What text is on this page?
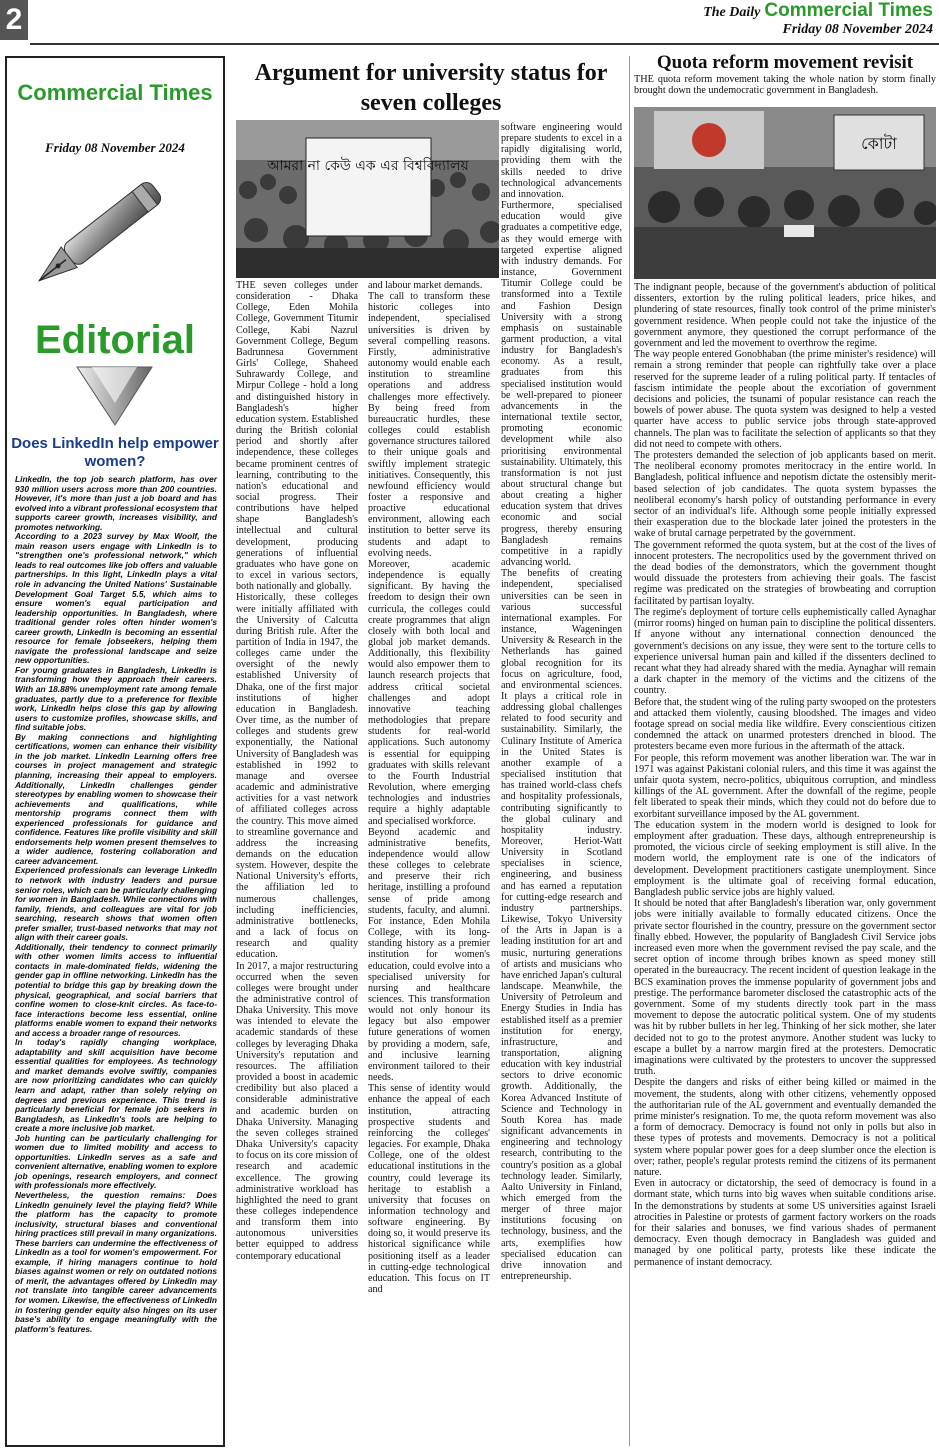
2	The Daily Commercial Times
Friday 08 November 2024
Commercial Times
Friday 08 November 2024
Editorial
Does LinkedIn help empower women?

LinkedIn, the top job search platform, has over 930 million users across more than 200 countries. However, it's more than just a job board and has evolved into a vibrant professional ecosystem that supports career growth, increases visibility, and promotes networking.

According to a 2023 survey by Max Woolf, the main reason users engage with LinkedIn is to "strengthen one's professional network," which leads to real outcomes like job offers and valuable partnerships. In this light, LinkedIn plays a vital role in advancing the United Nations' Sustainable Development Goal Target 5.5, which aims to ensure women's equal participation and leadership opportunities. In Bangladesh, where traditional gender roles often hinder women's career growth, LinkedIn is becoming an essential resource for female jobseekers, helping them navigate the professional landscape and seize new opportunities.

For young graduates in Bangladesh, LinkedIn is transforming how they approach their careers. With an 18.88% unemployment rate among female graduates, partly due to a preference for flexible work, LinkedIn helps close this gap by allowing users to customize profiles, showcase skills, and find suitable jobs.

By making connections and highlighting certifications, women can enhance their visibility in the job market. LinkedIn Learning offers free courses in project management and strategic planning, increasing their appeal to employers. Additionally, LinkedIn challenges gender stereotypes by enabling women to showcase their achievements and qualifications, while mentorship programs connect them with experienced professionals for guidance and confidence. Features like profile visibility and skill endorsements help women present themselves to a wider audience, fostering collaboration and career advancement.

Experienced professionals can leverage LinkedIn to network with industry leaders and pursue senior roles, which can be particularly challenging for women in Bangladesh. While connections with family, friends, and colleagues are vital for job searching, research shows that women often prefer smaller, trust-based networks that may not align with their career goals.

Additionally, their tendency to connect primarily with other women limits access to influential contacts in male-dominated fields, widening the gender gap in offline networking. LinkedIn has the potential to bridge this gap by breaking down the physical, geographical, and social barriers that confine women to close-knit circles. As face-to-face interactions become less essential, online platforms enable women to expand their networks and access a broader range of resources.

In today's rapidly changing workplace, adaptability and skill acquisition have become essential qualities for employees. As technology and market demands evolve swiftly, companies are now prioritizing candidates who can quickly learn and adapt, rather than solely relying on degrees and previous experience. This trend is particularly beneficial for female job seekers in Bangladesh, as LinkedIn's tools are helping to create a more inclusive job market.

Job hunting can be particularly challenging for women due to limited mobility and access to opportunities. LinkedIn serves as a safe and convenient alternative, enabling women to explore job openings, research employers, and connect with professionals more effectively.

Nevertheless, the question remains: Does LinkedIn genuinely level the playing field? While the platform has the capacity to promote inclusivity, structural biases and conventional hiring practices still prevail in many organizations. These barriers can undermine the effectiveness of LinkedIn as a tool for women's empowerment. For example, if hiring managers continue to hold biases against women or rely on outdated notions of merit, the advantages offered by LinkedIn may not translate into tangible career advancements for women. Likewise, the effectiveness of LinkedIn in fostering gender equity also hinges on its user base's ability to engage meaningfully with the platform's features.

Argument for university status for seven colleges
আমরা না কেউ এক এর বিশ্ববিদ্যালয়

THE seven colleges under consideration - Dhaka College, Eden Mohila College, Government Titumir College, Kabi Nazrul Government College, Begum Badrunnesa Government Girls' College, Shaheed Suhrawardy College, and Mirpur College - hold a long and distinguished history in Bangladesh's higher education system. Established during the British colonial period and shortly after independence, these colleges became prominent centres of learning, contributing to the nation's educational and social progress. Their contributions have helped shape Bangladesh's intellectual and cultural development, producing generations of influential graduates who have gone on to excel in various sectors, both nationally and globally.

Historically, these colleges were initially affiliated with the University of Calcutta during British rule. After the partition of India in 1947, the colleges came under the oversight of the newly established University of Dhaka, one of the first major institutions of higher education in Bangladesh. Over time, as the number of colleges and students grew exponentially, the National University of Bangladesh was established in 1992 to manage and oversee academic and administrative activities for a vast network of affiliated colleges across the country. This move aimed to streamline governance and address the increasing demands on the education system. However, despite the National University's efforts, the affiliation led to numerous challenges, including inefficiencies, administrative bottlenecks, and a lack of focus on research and quality education.

In 2017, a major restructuring occurred when the seven colleges were brought under the administrative control of Dhaka University. This move was intended to elevate the academic standards of these colleges by leveraging Dhaka University's reputation and resources. The affiliation provided a boost in academic credibility but also placed a considerable administrative and academic burden on Dhaka University. Managing the seven colleges strained Dhaka University's capacity to focus on its core mission of research and academic excellence. The growing administrative workload has highlighted the need to grant these colleges independence and transform them into autonomous universities better equipped to address contemporary educational

and labour market demands.

The call to transform these historic colleges into independent, specialised universities is driven by several compelling reasons. Firstly, administrative autonomy would enable each institution to streamline operations and address challenges more effectively. By being freed from bureaucratic hurdles, these colleges could establish governance structures tailored to their unique goals and swiftly implement strategic initiatives. Consequently, this newfound efficiency would foster a responsive and proactive educational environment, allowing each institution to better serve its students and adapt to evolving needs.

Moreover, academic independence is equally significant. By having the freedom to design their own curricula, the colleges could create programmes that align closely with both local and global job market demands. Additionally, this flexibility would also empower them to launch research projects that address critical societal challenges and adopt innovative teaching methodologies that prepare students for real-world applications. Such autonomy is essential for equipping graduates with skills relevant to the Fourth Industrial Revolution, where emerging technologies and industries require a highly adaptable and specialised workforce.

Beyond academic and administrative benefits, independence would allow these colleges to celebrate and preserve their rich heritage, instilling a profound sense of pride among students, faculty, and alumni. For instance, Eden Mohila College, with its long-standing history as a premier institution for women's education, could evolve into a specialised university for nursing and healthcare sciences. This transformation would not only honour its legacy but also empower future generations of women by providing a modern, safe, and inclusive learning environment tailored to their needs.

This sense of identity would enhance the appeal of each institution, attracting prospective students and reinforcing the colleges' legacies. For example, Dhaka College, one of the oldest educational institutions in the country, could leverage its heritage to establish a university that focuses on information technology and software engineering. By doing so, it would preserve its historical significance while positioning itself as a leader in cutting-edge technological education. This focus on IT and

software engineering would prepare students to excel in a rapidly digitalising world, providing them with the skills needed to drive technological advancements and innovation.

Furthermore, specialised education would give graduates a competitive edge, as they would emerge with targeted expertise aligned with industry demands. For instance, Government Titumir College could be transformed into a Textile and Fashion Design University with a strong emphasis on sustainable garment production, a vital industry for Bangladesh's economy. As a result, graduates from this specialised institution would be well-prepared to pioneer advancements in the international textile sector, promoting economic development while also prioritising environmental sustainability. Ultimately, this transformation is not just about structural change but about creating a higher education system that drives economic and social progress, thereby ensuring Bangladesh remains competitive in a rapidly advancing world.

The benefits of creating independent, specialised universities can be seen in various successful international examples. For instance, Wageningen University & Research in the Netherlands has gained global recognition for its focus on agriculture, food, and environmental sciences. It plays a critical role in addressing global challenges related to food security and sustainability. Similarly, the Culinary Institute of America in the United States is another example of a specialised institution that has trained world-class chefs and hospitality professionals, contributing significantly to the global culinary and hospitality industry. Moreover, Heriot-Watt University in Scotland specialises in science, engineering, and business and has earned a reputation for cutting-edge research and industry partnerships. Likewise, Tokyo University of the Arts in Japan is a leading institution for art and music, nurturing generations of artists and musicians who have enriched Japan's cultural landscape. Meanwhile, the University of Petroleum and Energy Studies in India has established itself as a premier institution for energy, infrastructure, and transportation, aligning education with key industrial sectors to drive economic growth. Additionally, the Korea Advanced Institute of Science and Technology in South Korea has made significant advancements in engineering and technology research, contributing to the country's position as a global technology leader. Similarly, Aalto University in Finland, which emerged from the merger of three major institutions focusing on technology, business, and the arts, exemplifies how specialised education can drive innovation and entrepreneurship.

Quota reform movement revisit

THE quota reform movement taking the whole nation by storm finally brought down the undemocratic government in Bangladesh.

কোটা

The indignant people, because of the government's abduction of political dissenters, extortion by the ruling political leaders, price hikes, and plundering of state resources, finally took control of the prime minister's government residence. When people could not take the injustice of the government anymore, they questioned the corrupt performance of the government and led the movement to overthrow the regime.

The way people entered Gonobhaban (the prime minister's residence) will remain a strong reminder that people can rightfully take over a place reserved for the supreme leader of a ruling political party. If tentacles of fascism intimidate the people about the excoriation of government decisions and policies, the tsunami of popular resistance can reach the bowels of power abuse. The quota system was designed to help a vested quarter have access to public service jobs through state-approved channels. The plan was to facilitate the selection of applicants so that they did not need to compete with others.

The protesters demanded the selection of job applicants based on merit. The neoliberal economy promotes meritocracy in the entire world. In Bangladesh, political influence and nepotism dictate the ostensibly merit-based selection of job candidates. The quota system bypasses the neoliberal economy's harsh policy of outstanding performance in every sector of an individual's life. Although some people initially expressed their exasperation due to the blockade later joined the protesters in the wake of brutal carnage perpetrated by the government.

The government reformed the quota system, but at the cost of the lives of innocent protesters. The necropolitics used by the government thrived on the dead bodies of the demonstrators, which the government thought would dissuade the protesters from achieving their goals. The fascist regime was predicated on the strategies of browbeating and corruption facilitated by partisan loyalty.

The regime's deployment of torture cells euphemistically called Aynaghar (mirror rooms) hinged on human pain to discipline the political dissenters. If anyone without any international connection denounced the government's decisions on any issue, they were sent to the torture cells to experience universal human pain and killed if the dissenters declined to recant what they had already shared with the media. Aynaghar will remain a dark chapter in the memory of the victims and the citizens of the country.

Before that, the student wing of the ruling party swooped on the protesters and attacked them violently, causing bloodshed. The images and video footage spread on social media like wildfire. Every conscientious citizen condemned the attack on unarmed protesters drenched in blood. The protesters became even more furious in the aftermath of the attack.

For people, this reform movement was another liberation war. The war in 1971 was against Pakistani colonial rulers, and this time it was against the unfair quota system, necro-politics, ubiquitous corruption, and mindless killings of the AL government. After the downfall of the regime, people felt liberated to speak their minds, which they could not do before due to exorbitant surveillance imposed by the AL government.

The education system in the modern world is designed to look for employment after graduation. These days, although entrepreneurship is promoted, the vicious circle of seeking employment is still alive. In the modern world, the employment rate is one of the indicators of development. Development practitioners castigate unemployment. Since employment is the ultimate goal of receiving formal education, Bangladesh public service jobs are highly valued.

It should be noted that after Bangladesh's liberation war, only government jobs were initially available to formally educated citizens. Once the private sector flourished in the country, pressure on the government sector finally ebbed. However, the popularity of Bangladesh Civil Service jobs increased even more when the government revised the pay scale, and the secret option of income through bribes known as speed money still operated in the bureaucracy. The recent incident of question leakage in the BCS examination proves the immense popularity of government jobs and prestige. The performance barometer disclosed the catastrophic acts of the government. Some of my students directly took part in the mass movement to depose the autocratic political system. One of my students was hit by rubber bullets in her leg. Thinking of her sick mother, she later decided not to go to the protest anymore. Another student was lucky to escape a bullet by a narrow margin fired at the protesters. Democratic imaginations were cultivated by the protesters to uncover the suppressed truth.

Despite the dangers and risks of either being killed or maimed in the movement, the students, along with other citizens, vehemently opposed the authoritarian rule of the AL government and eventually demanded the prime minister's resignation. To me, the quota reform movement was also a form of democracy. Democracy is found not only in polls but also in these types of protests and movements. Democracy is not a political system where popular power goes for a deep slumber once the election is over; rather, people's regular protests remind the citizens of its permanent nature.

Even in autocracy or dictatorship, the seed of democracy is found in a dormant state, which turns into big waves when suitable conditions arise. In the demonstrations by students at some US universities against Israeli atrocities in Palestine or protests of garment factory workers on the roads for their salaries and bonuses, we find various shades of permanent democracy. Even though democracy in Bangladesh was guided and managed by one political party, protests like these indicate the permanence of instant democracy.
